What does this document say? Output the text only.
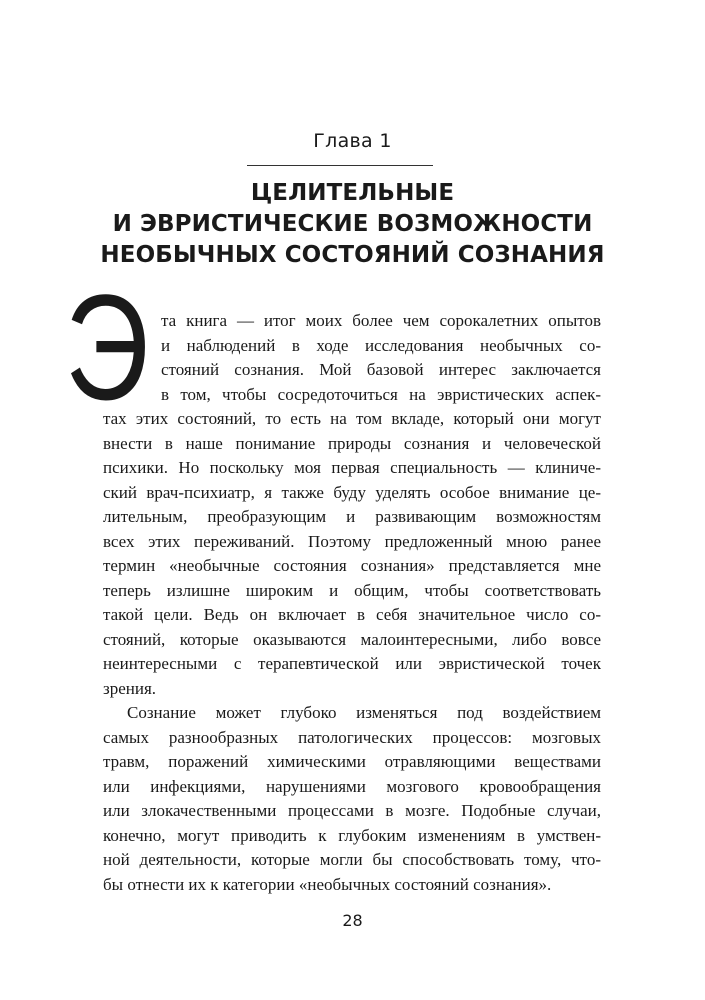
Глава 1
ЦЕЛИТЕЛЬНЫЕ
И ЭВРИСТИЧЕСКИЕ ВОЗМОЖНОСТИ
НЕОБЫЧНЫХ СОСТОЯНИЙ СОЗНАНИЯ
Э та книга — итог моих более чем сорокалетних опытов
и наблюдений в ходе исследования необычных со-
стояний сознания. Мой базовой интерес заключается
в том, чтобы сосредоточиться на эвристических аспек-
тах этих состояний, то есть на том вкладе, который они могут
внести в наше понимание природы сознания и человеческой
психики. Но поскольку моя первая специальность — клиниче-
ский врач-психиатр, я также буду уделять особое внимание це-
лительным, преобразующим и развивающим возможностям
всех этих переживаний. Поэтому предложенный мною ранее
термин «необычные состояния сознания» представляется мне
теперь излишне широким и общим, чтобы соответствовать
такой цели. Ведь он включает в себя значительное число со-
стояний, которые оказываются малоинтересными, либо вовсе
неинтересными с терапевтической или эвристической точек
зрения.
Сознание может глубоко изменяться под воздействием
самых разнообразных патологических процессов: мозговых
травм, поражений химическими отравляющими веществами
или инфекциями, нарушениями мозгового кровообращения
или злокачественными процессами в мозге. Подобные случаи,
конечно, могут приводить к глубоким изменениям в умствен-
ной деятельности, которые могли бы способствовать тому, что-
бы отнести их к категории «необычных состояний сознания».
28
